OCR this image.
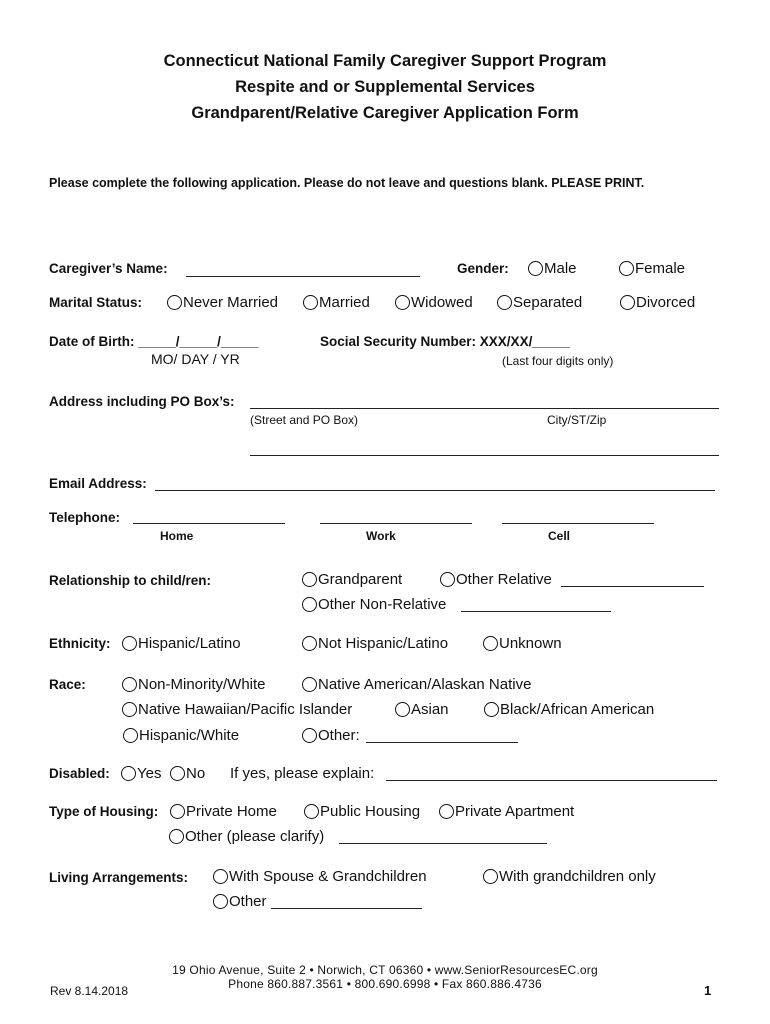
Connecticut National Family Caregiver Support Program
Respite and or Supplemental Services
Grandparent/Relative Caregiver Application Form
Please complete the following application. Please do not leave and questions blank. PLEASE PRINT.
Caregiver’s Name:	Gender: Male	Female
Marital Status:	Never Married	Married	Widowed	Separated	Divorced
Date of Birth: _____/_____/_____
MO/ DAY / YR
Social Security Number: XXX/XX/_____
(Last four digits only)
Address including PO Box’s:
(Street and PO Box)	City/ST/Zip
Email Address:
Telephone:
Home	Work	Cell
Relationship to child/ren:	Grandparent	Other Relative
Other Non-Relative
Ethnicity: Hispanic/Latino	Not Hispanic/Latino	Unknown
Race:	Non-Minority/White	Native American/Alaskan Native
Native Hawaiian/Pacific Islander	Asian	Black/African American
Hispanic/White	Other:
Disabled: Yes No If yes, please explain:
Type of Housing: Private Home	Public Housing Private Apartment
Other (please clarify)
Living Arrangements:	With Spouse & Grandchildren	With grandchildren only
Other
19 Ohio Avenue, Suite 2 • Norwich, CT 06360 • www.SeniorResourcesEC.org
Phone 860.887.3561 • 800.690.6998 • Fax 860.886.4736
Rev 8.14.2018	1
